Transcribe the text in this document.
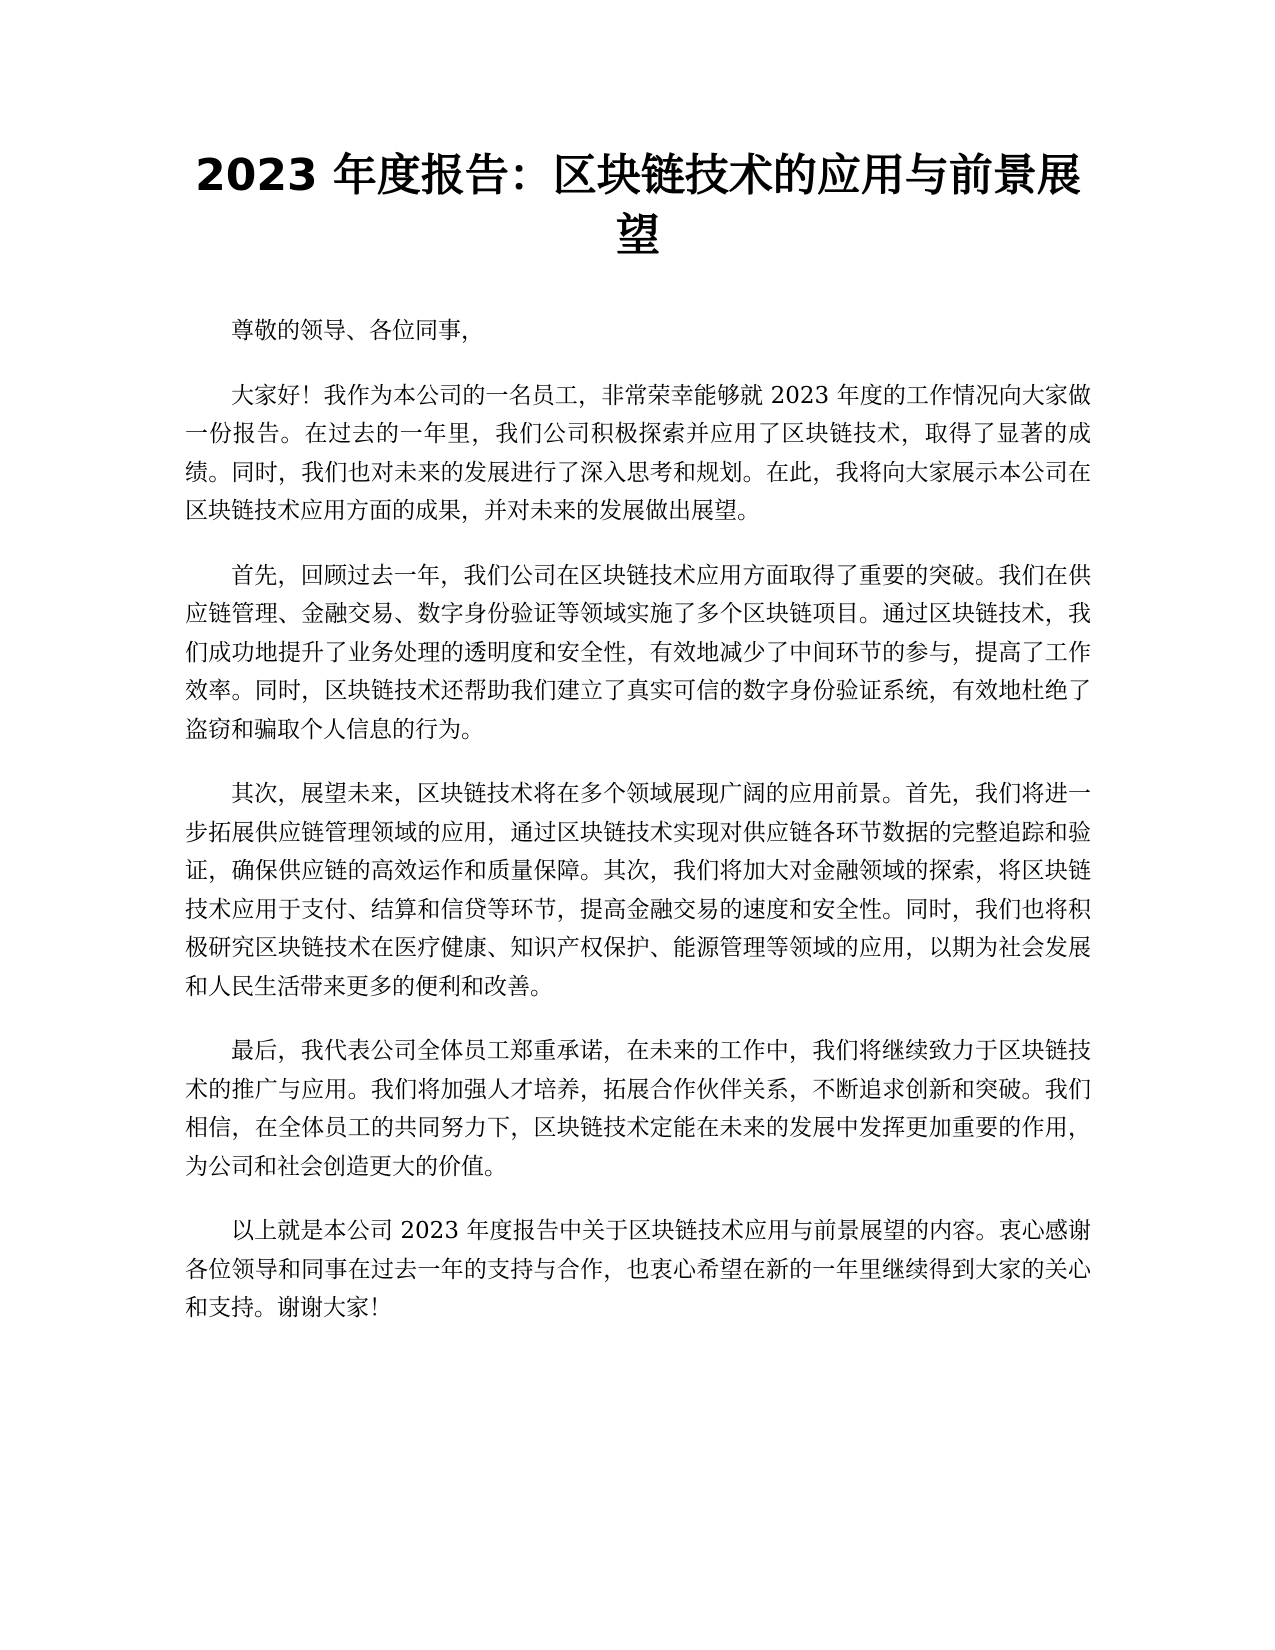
2023 年度报告：区块链技术的应用与前景展望

尊敬的领导、各位同事，

大家好！我作为本公司的一名员工，非常荣幸能够就 2023 年度的工作情况向大家做一份报告。在过去的一年里，我们公司积极探索并应用了区块链技术，取得了显著的成绩。同时，我们也对未来的发展进行了深入思考和规划。在此，我将向大家展示本公司在区块链技术应用方面的成果，并对未来的发展做出展望。

首先，回顾过去一年，我们公司在区块链技术应用方面取得了重要的突破。我们在供应链管理、金融交易、数字身份验证等领域实施了多个区块链项目。通过区块链技术，我们成功地提升了业务处理的透明度和安全性，有效地减少了中间环节的参与，提高了工作效率。同时，区块链技术还帮助我们建立了真实可信的数字身份验证系统，有效地杜绝了盗窃和骗取个人信息的行为。

其次，展望未来，区块链技术将在多个领域展现广阔的应用前景。首先，我们将进一步拓展供应链管理领域的应用，通过区块链技术实现对供应链各环节数据的完整追踪和验证，确保供应链的高效运作和质量保障。其次，我们将加大对金融领域的探索，将区块链技术应用于支付、结算和信贷等环节，提高金融交易的速度和安全性。同时，我们也将积极研究区块链技术在医疗健康、知识产权保护、能源管理等领域的应用，以期为社会发展和人民生活带来更多的便利和改善。

最后，我代表公司全体员工郑重承诺，在未来的工作中，我们将继续致力于区块链技术的推广与应用。我们将加强人才培养，拓展合作伙伴关系，不断追求创新和突破。我们相信，在全体员工的共同努力下，区块链技术定能在未来的发展中发挥更加重要的作用，为公司和社会创造更大的价值。

以上就是本公司 2023 年度报告中关于区块链技术应用与前景展望的内容。衷心感谢各位领导和同事在过去一年的支持与合作，也衷心希望在新的一年里继续得到大家的关心和支持。谢谢大家！
